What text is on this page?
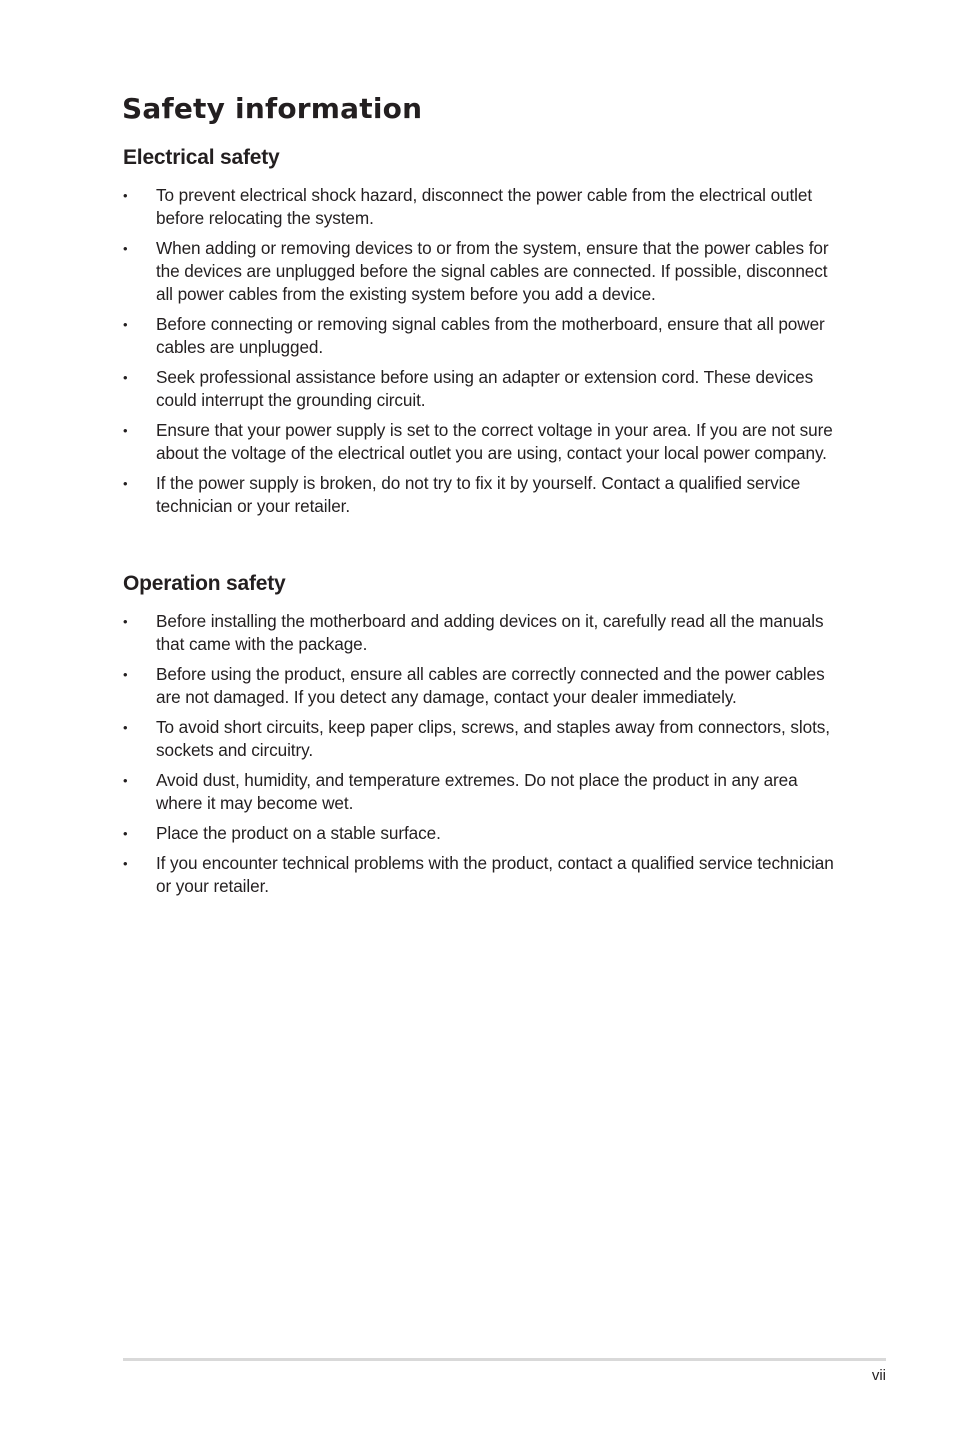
Safety information
Electrical safety
•	To prevent electrical shock hazard, disconnect the power cable from the electrical outlet before relocating the system.
•	When adding or removing devices to or from the system, ensure that the power cables for the devices are unplugged before the signal cables are connected. If possible, disconnect all power cables from the existing system before you add a device.
•	Before connecting or removing signal cables from the motherboard, ensure that all power cables are unplugged.
•	Seek professional assistance before using an adapter or extension cord. These devices could interrupt the grounding circuit.
•	Ensure that your power supply is set to the correct voltage in your area. If you are not sure about the voltage of the electrical outlet you are using, contact your local power company.
•	If the power supply is broken, do not try to fix it by yourself. Contact a qualified service technician or your retailer.
Operation safety
•	Before installing the motherboard and adding devices on it, carefully read all the manuals that came with the package.
•	Before using the product, ensure all cables are correctly connected and the power cables are not damaged. If you detect any damage, contact your dealer immediately.
•	To avoid short circuits, keep paper clips, screws, and staples away from connectors, slots, sockets and circuitry.
•	Avoid dust, humidity, and temperature extremes. Do not place the product in any area where it may become wet.
•	Place the product on a stable surface.
•	If you encounter technical problems with the product, contact a qualified service technician or your retailer.
vii
